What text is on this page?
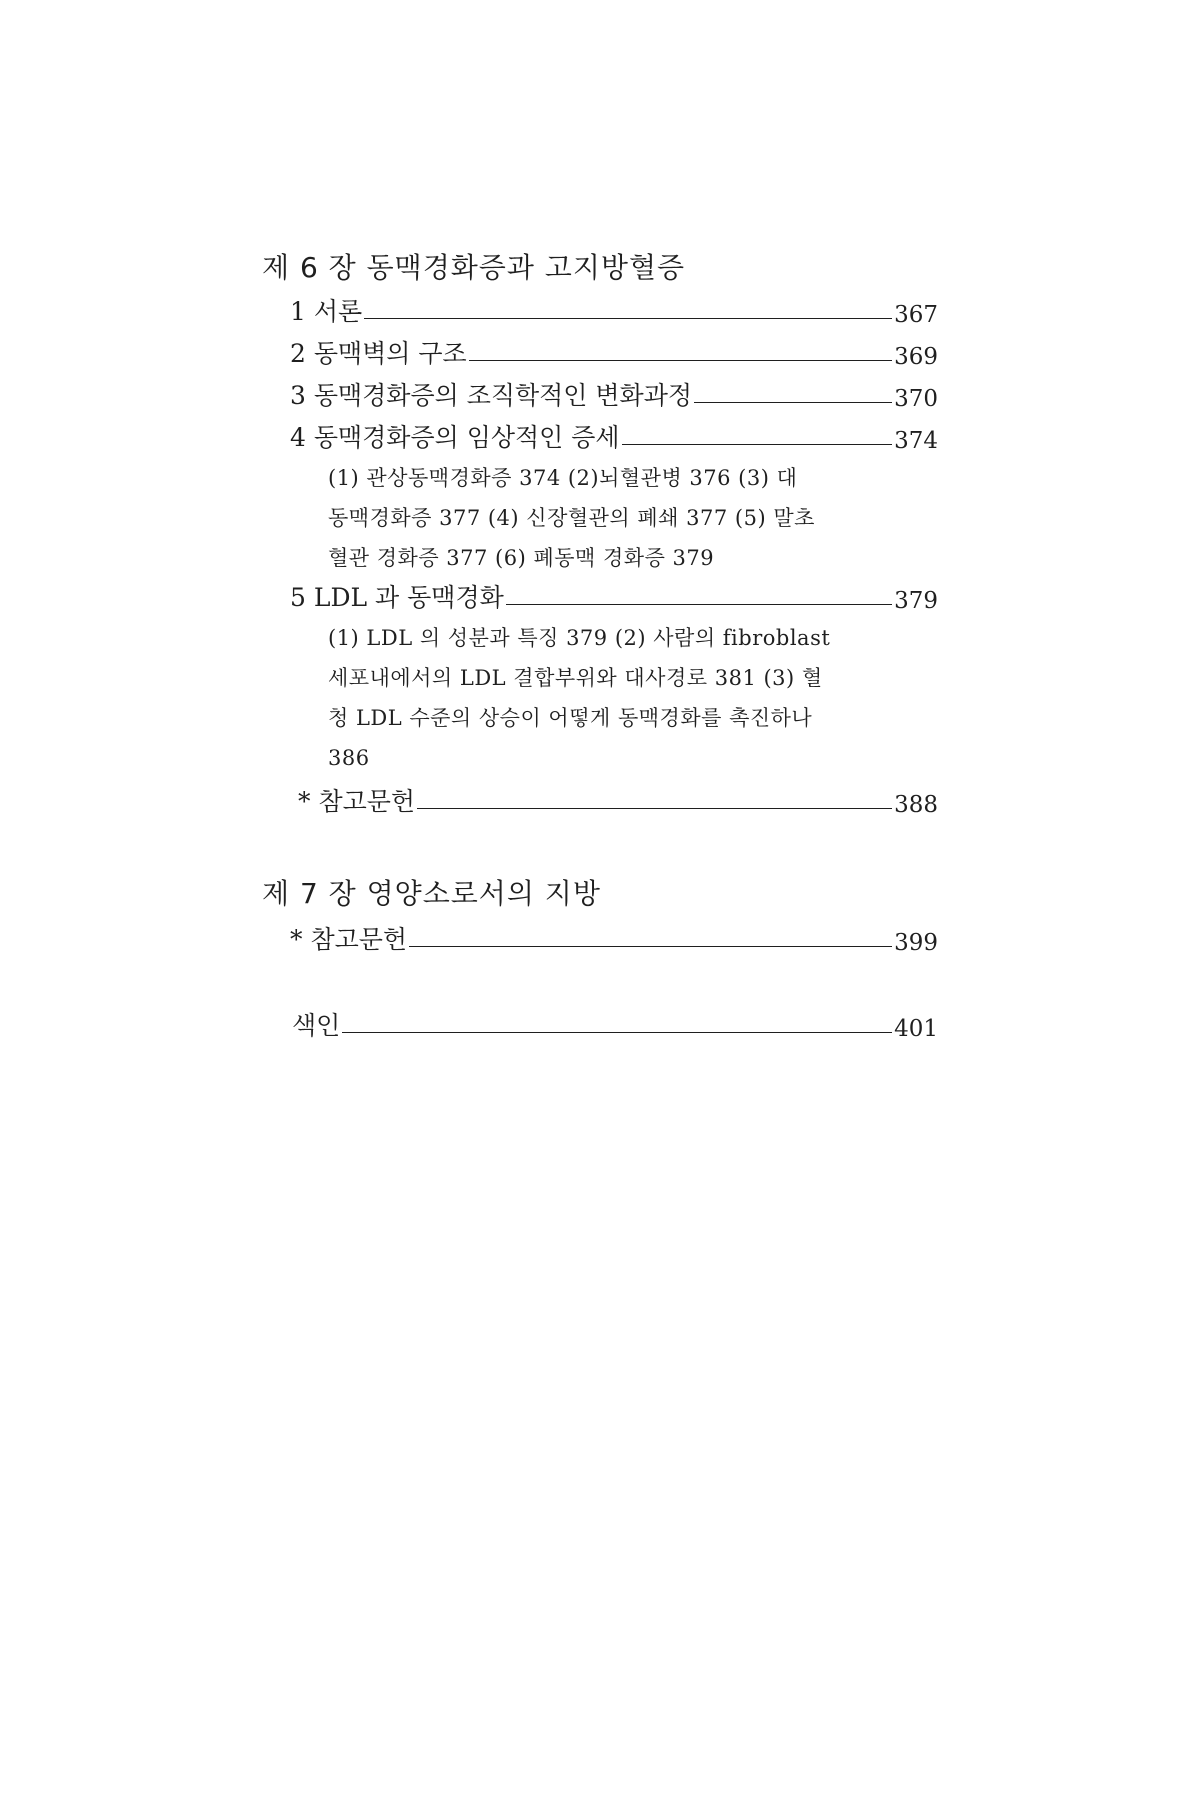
제 6 장 동맥경화증과 고지방혈증
1 서론	367
2 동맥벽의 구조	369
3 동맥경화증의 조직학적인 변화과정	370
4 동맥경화증의 임상적인 증세	374
(1) 관상동맥경화증 374 (2)뇌혈관병 376 (3) 대
동맥경화증 377 (4) 신장혈관의 폐쇄 377 (5) 말초
혈관 경화증 377 (6) 폐동맥 경화증 379
5 LDL 과 동맥경화	379
(1) LDL 의 성분과 특징 379 (2) 사람의 fibroblast
세포내에서의 LDL 결합부위와 대사경로 381 (3) 혈
청 LDL 수준의 상승이 어떻게 동맥경화를 촉진하나
386
* 참고문헌	388
제 7 장 영양소로서의 지방
* 참고문헌	399
색인	401
